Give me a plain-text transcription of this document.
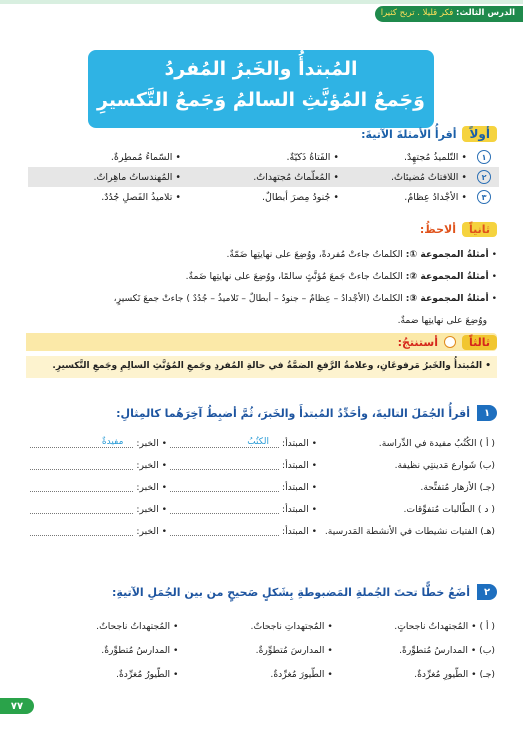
الدرس الثالث: فكر قليلا . تربح كثيرا
المُبتدأُ والخَبرُ المُفردُ
وَجَمعُ المُؤنَّثِ السالمُ وَجَمعُ التَّكسيرِ
أولاً
أقرأُ الأمثلةَ الآتيةَ:
١
• التّلميذُ مُجتهِدٌ.
• الفَتاةُ ذَكيّةٌ.
• السّماءُ مُمطِرةٌ.
٢
• اللافتاتُ مُضيئاتٌ.
• المُعلّماتُ مُجتهداتٌ.
• المُهندساتُ ماهِراتٌ.
٣
• الأجْدادُ عِظامٌ.
• جُنودُ مِصرَ أبطالٌ.
• تلاميذُ الفَصلِ جُدُدٌ.
ثانياً
ألاحظُ:
• أمثلةُ المجموعة ①: الكلماتُ جاءتْ مُفردةً، ووُضِعَ على نهايتِها ضَمّةٌ.
• أمثلةُ المجموعة ②: الكلماتُ جاءتْ جَمعَ مُؤنَّثٍ سالمًا، ووُضِعَ على نهايتِها ضَمةٌ.
• أمثلةُ المجموعة ③: الكلماتُ (الأجْدادُ – عِظامٌ – جنودُ – أبطالٌ – تَلاميذُ – جُدُدٌ ) جاءتْ جمعَ تَكسيرٍ،
ووُضِعَ على نهايتِها ضمةٌ.
ثالثاً
أستنتجُ:
• المُبتدأُ والخَبرُ مَرفوعَانِ، وعلامةُ الرَّفعِ الضمَّةُ في حالةِ المُفردِ وجَمعِ المُؤنَّثِ السالِمِ وجَمعِ التَّكسيرِ.
١
أقرأُ الجُمَلَ التاليةَ، وأحَدِّدُ المُبتدأَ والخَبرَ، ثُمَّ أضبِطُ آخِرَهُما كالمِثالِ:
( أ ) الكُتُبُ مفيدة في الدِّراسة.
• المبتدأ:
الكتُبُ
• الخبر:
مفيدةٌ
(ب) شَوارع مَدينتِي نظيفة.
• المبتدأ:
• الخبر:
(جـ) الأزهار مُتفتِّحة.
• المبتدأ:
• الخبر:
( د ) الطّالبات مُتفوِّقات.
• المبتدأ:
• الخبر:
(هـ) الفتيات نشيطات في الأنشطة المَدرسية.
• المبتدأ:
• الخبر:
٢
أضَعُ خطًّا تحتَ الجُملةِ المَضبوطةِ بِشَكلٍ صَحيحٍ من بين الجُمَلِ الآتيةِ:
( أ ) • المُجتهداتُ ناجحاتٍ.
• المُجتهداتِ ناجحاتٌ.
• المُجتهداتُ ناجحاتٌ.
(ب) • المدارسُ مُتطوِّرةً.
• المدارسَ مُتطوِّرةٌ.
• المدارسُ مُتطوِّرةٌ.
(جـ) • الطّيورِ مُغرِّدةٌ.
• الطّيورَ مُغرِّدةٌ.
• الطّيورُ مُغرِّدةٌ.
٧٧
